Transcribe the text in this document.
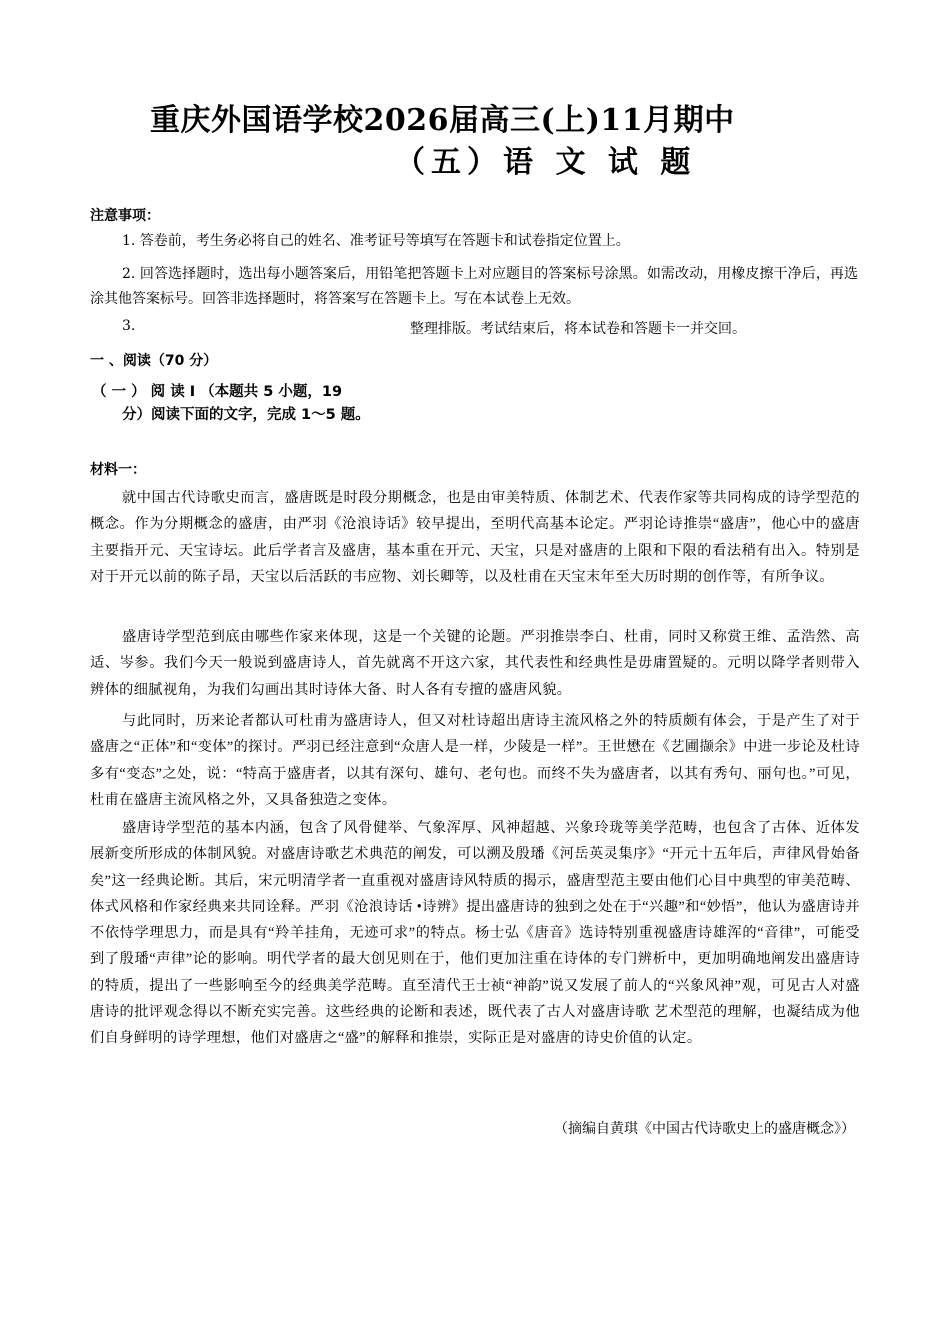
重庆外国语学校2026届高三(上)11月期中
（五）语 文 试 题
注意事项：
1. 答卷前，考生务必将自己的姓名、准考证号等填写在答题卡和试卷指定位置上。
2. 回答选择题时，选出每小题答案后，用铅笔把答题卡上对应题目的答案标号涂黑。如需改动，用橡皮擦干净后，再选涂其他答案标号。回答非选择题时，将答案写在答题卡上。写在本试卷上无效。
3.	整理排版。考试结束后，将本试卷和答题卡一并交回。
一 、阅读（70 分）
（ 一 ） 阅 读 I （本题共 5 小题，19
分）阅读下面的文字，完成 1～5 题。
材料一：
就中国古代诗歌史而言，盛唐既是时段分期概念，也是由审美特质、体制艺术、代表作家等共同构成的诗学型范的概念。作为分期概念的盛唐，由严羽《沧浪诗话》较早提出，至明代高基本论定。严羽论诗推崇“盛唐”，他心中的盛唐主要指开元、天宝诗坛。此后学者言及盛唐，基本重在开元、天宝，只是对盛唐的上限和下限的看法稍有出入。特别是对于开元以前的陈子昂，天宝以后活跃的韦应物、刘长卿等，以及杜甫在天宝末年至大历时期的创作等，有所争议。
盛唐诗学型范到底由哪些作家来体现，这是一个关键的论题。严羽推崇李白、杜甫，同时又称赏王维、孟浩然、高适、岑参。我们今天一般说到盛唐诗人，首先就离不开这六家，其代表性和经典性是毋庸置疑的。元明以降学者则带入辨体的细腻视角，为我们勾画出其时诗体大备、时人各有专擅的盛唐风貌。
与此同时，历来论者都认可杜甫为盛唐诗人，但又对杜诗超出唐诗主流风格之外的特质颇有体会，于是产生了对于盛唐之“正体”和“变体”的探讨。严羽已经注意到“众唐人是一样，少陵是一样”。王世懋在《艺圃撷余》中进一步论及杜诗多有“变态”之处，说：“特高于盛唐者，以其有深句、雄句、老句也。而终不失为盛唐者，以其有秀句、丽句也。”可见，杜甫在盛唐主流风格之外，又具备独造之变体。
盛唐诗学型范的基本内涵，包含了风骨健举、气象浑厚、风神超越、兴象玲珑等美学范畴，也包含了古体、近体发展新变所形成的体制风貌。对盛唐诗歌艺术典范的阐发，可以溯及殷璠《河岳英灵集序》“开元十五年后，声律风骨始备矣”这一经典论断。其后，宋元明清学者一直重视对盛唐诗风特质的揭示，盛唐型范主要由他们心目中典型的审美范畴、体式风格和作家经典来共同诠释。严羽《沧浪诗话 •诗辨》提出盛唐诗的独到之处在于“兴趣”和“妙悟”，他认为盛唐诗并不依恃学理思力，而是具有“羚羊挂角，无迹可求”的特点。杨士弘《唐音》选诗特别重视盛唐诗雄浑的“音律”，可能受到了殷璠“声律”论的影响。明代学者的最大创见则在于，他们更加注重在诗体的专门辨析中，更加明确地阐发出盛唐诗的特质，提出了一些影响至今的经典美学范畴。直至清代王士祯“神韵”说又发展了前人的“兴象风神”观，可见古人对盛唐诗的批评观念得以不断充实完善。这些经典的论断和表述，既代表了古人对盛唐诗歌 艺术型范的理解，也凝结成为他们自身鲜明的诗学理想，他们对盛唐之“盛”的解释和推崇，实际正是对盛唐的诗史价值的认定。
（摘编自黄琪《中国古代诗歌史上的盛唐概念》）
